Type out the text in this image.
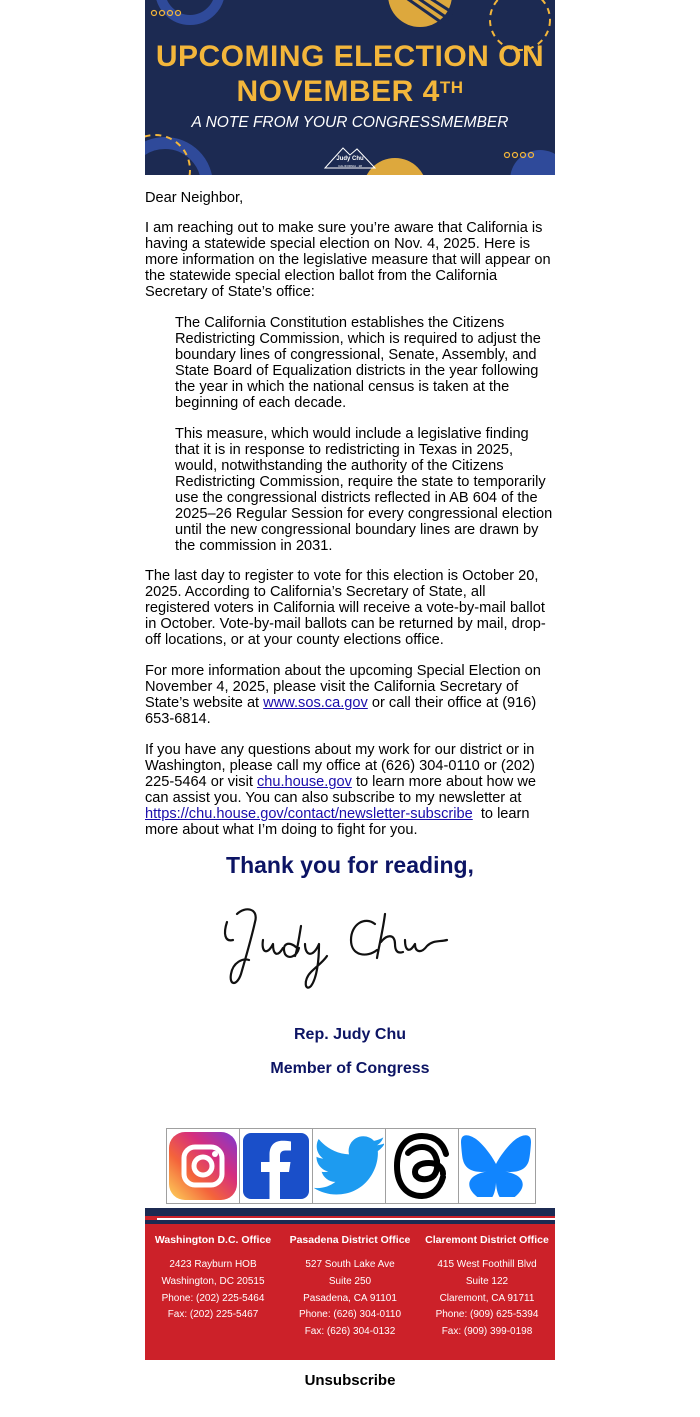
UPCOMING ELECTION ON
NOVEMBER 4TH
A NOTE FROM YOUR CONGRESSMEMBER
Judy Chu
CALIFORNIA · 28

Dear Neighbor,

I am reaching out to make sure you’re aware that California is

having a statewide special election on Nov. 4, 2025. Here is

more information on the legislative measure that will appear on

the statewide special election ballot from the California

Secretary of State’s office:

The California Constitution establishes the Citizens

Redistricting Commission, which is required to adjust the

boundary lines of congressional, Senate, Assembly, and

State Board of Equalization districts in the year following

the year in which the national census is taken at the

beginning of each decade.

This measure, which would include a legislative finding

that it is in response to redistricting in Texas in 2025,

would, notwithstanding the authority of the Citizens

Redistricting Commission, require the state to temporarily

use the congressional districts reflected in AB 604 of the

2025–26 Regular Session for every congressional election

until the new congressional boundary lines are drawn by

the commission in 2031.

The last day to register to vote for this election is October 20,

2025. According to California’s Secretary of State, all

registered voters in California will receive a vote-by-mail ballot

in October. Vote-by-mail ballots can be returned by mail, drop-

off locations, or at your county elections office.

For more information about the upcoming Special Election on

November 4, 2025, please visit the California Secretary of

State’s website at www.sos.ca.gov or call their office at (916)

653-6814.

If you have any questions about my work for our district or in

Washington, please call my office at (626) 304-0110 or (202)

225-5464 or visit chu.house.gov to learn more about how we

can assist you. You can also subscribe to my newsletter at

https://chu.house.gov/contact/newsletter-subscribe  to learn

more about what I’m doing to fight for you.

Thank you for reading,
Rep. Judy Chu
Member of Congress
Washington D.C. Office
2423 Rayburn HOB
Washington, DC 20515
Phone: (202) 225-5464
Fax: (202) 225-5467
Pasadena District Office
527 South Lake Ave
Suite 250
Pasadena, CA 91101
Phone: (626) 304-0110
Fax: (626) 304-0132
Claremont District Office
415 West Foothill Blvd
Suite 122
Claremont, CA 91711
Phone: (909) 625-5394
Fax: (909) 399-0198
Unsubscribe
